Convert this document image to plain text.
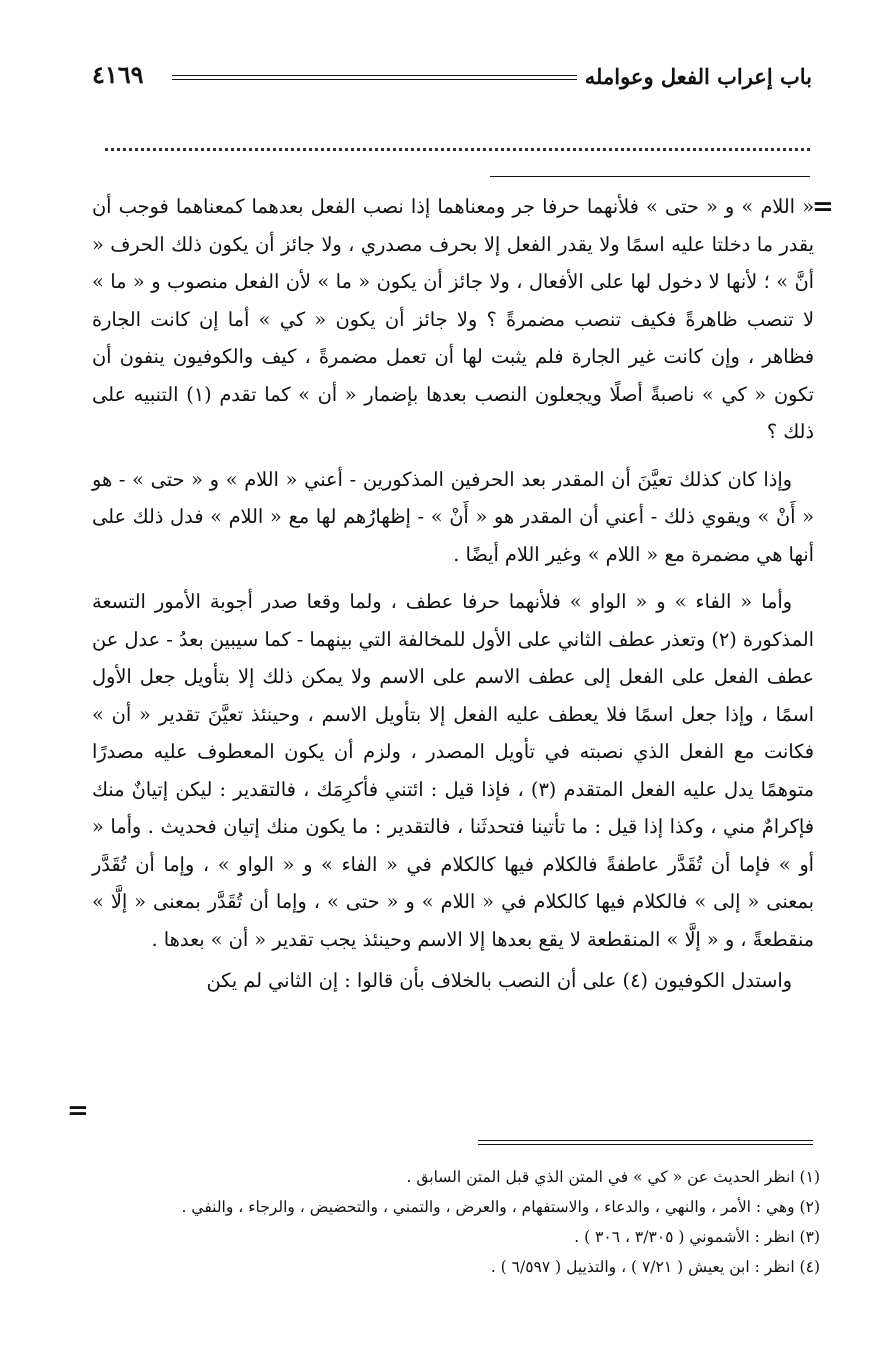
باب إعراب الفعل وعوامله
٤١٦٩
=

« اللام » و « حتى » فلأنهما حرفا جر ومعناهما إذا نصب الفعل بعدهما كمعناهما فوجب أن يقدر ما دخلتا عليه اسمًا ولا يقدر الفعل إلا بحرف مصدري ، ولا جائز أن يكون ذلك الحرف « أنَّ » ؛ لأنها لا دخول لها على الأفعال ، ولا جائز أن يكون « ما » لأن الفعل منصوب و « ما » لا تنصب ظاهرةً فكيف تنصب مضمرةً ؟ ولا جائز أن يكون « كي » أما إن كانت الجارة فظاهر ، وإن كانت غير الجارة فلم يثبت لها أن تعمل مضمرةً ، كيف والكوفيون ينفون أن تكون « كي » ناصبةً أصلًا ويجعلون النصب بعدها بإضمار « أن » كما تقدم (١) التنبيه على ذلك ؟

وإذا كان كذلك تعيَّنَ أن المقدر بعد الحرفين المذكورين - أعني « اللام » و « حتى » - هو « أَنْ » ويقوي ذلك - أعني أن المقدر هو « أَنْ » - إظهارُهم لها مع « اللام » فدل ذلك على أنها هي مضمرة مع « اللام » وغير اللام أيضًا .

وأما « الفاء » و « الواو » فلأنهما حرفا عطف ، ولما وقعا صدر أجوبة الأمور التسعة المذكورة (٢) وتعذر عطف الثاني على الأول للمخالفة التي بينهما - كما سيبين بعدُ - عدل عن عطف الفعل على الفعل إلى عطف الاسم على الاسم ولا يمكن ذلك إلا بتأويل جعل الأول اسمًا ، وإذا جعل اسمًا فلا يعطف عليه الفعل إلا بتأويل الاسم ، وحينئذ تعيَّنَ تقدير « أن » فكانت مع الفعل الذي نصبته في تأويل المصدر ، ولزم أن يكون المعطوف عليه مصدرًا متوهمًا يدل عليه الفعل المتقدم (٣) ، فإذا قيل : ائتني فأكرِمَك ، فالتقدير : ليكن إتيانٌ منك فإكرامٌ مني ، وكذا إذا قيل : ما تأتينا فتحدثَنا ، فالتقدير : ما يكون منك إتيان فحديث . وأما « أو » فإما أن تُقَدَّر عاطفةً فالكلام فيها كالكلام في « الفاء » و « الواو » ، وإما أن تُقَدَّر بمعنى « إلى » فالكلام فيها كالكلام في « اللام » و « حتى » ، وإما أن تُقَدَّر بمعنى « إلَّا » منقطعةً ، و « إلَّا » المنقطعة لا يقع بعدها إلا الاسم وحينئذ يجب تقدير « أن » بعدها .

واستدل الكوفيون (٤) على أن النصب بالخلاف بأن قالوا : إن الثاني لم يكن

=
(١) انظر الحديث عن « كي » في المتن الذي قبل المتن السابق .
(٢) وهي : الأمر ، والنهي ، والدعاء ، والاستفهام ، والعرض ، والتمني ، والتحضيض ، والرجاء ، والنفي .
(٣) انظر : الأشموني ( ٣/٣٠٥ ، ٣٠٦ ) .
(٤) انظر : ابن يعيش ( ٧/٢١ ) ، والتذييل ( ٦/٥٩٧ ) .
